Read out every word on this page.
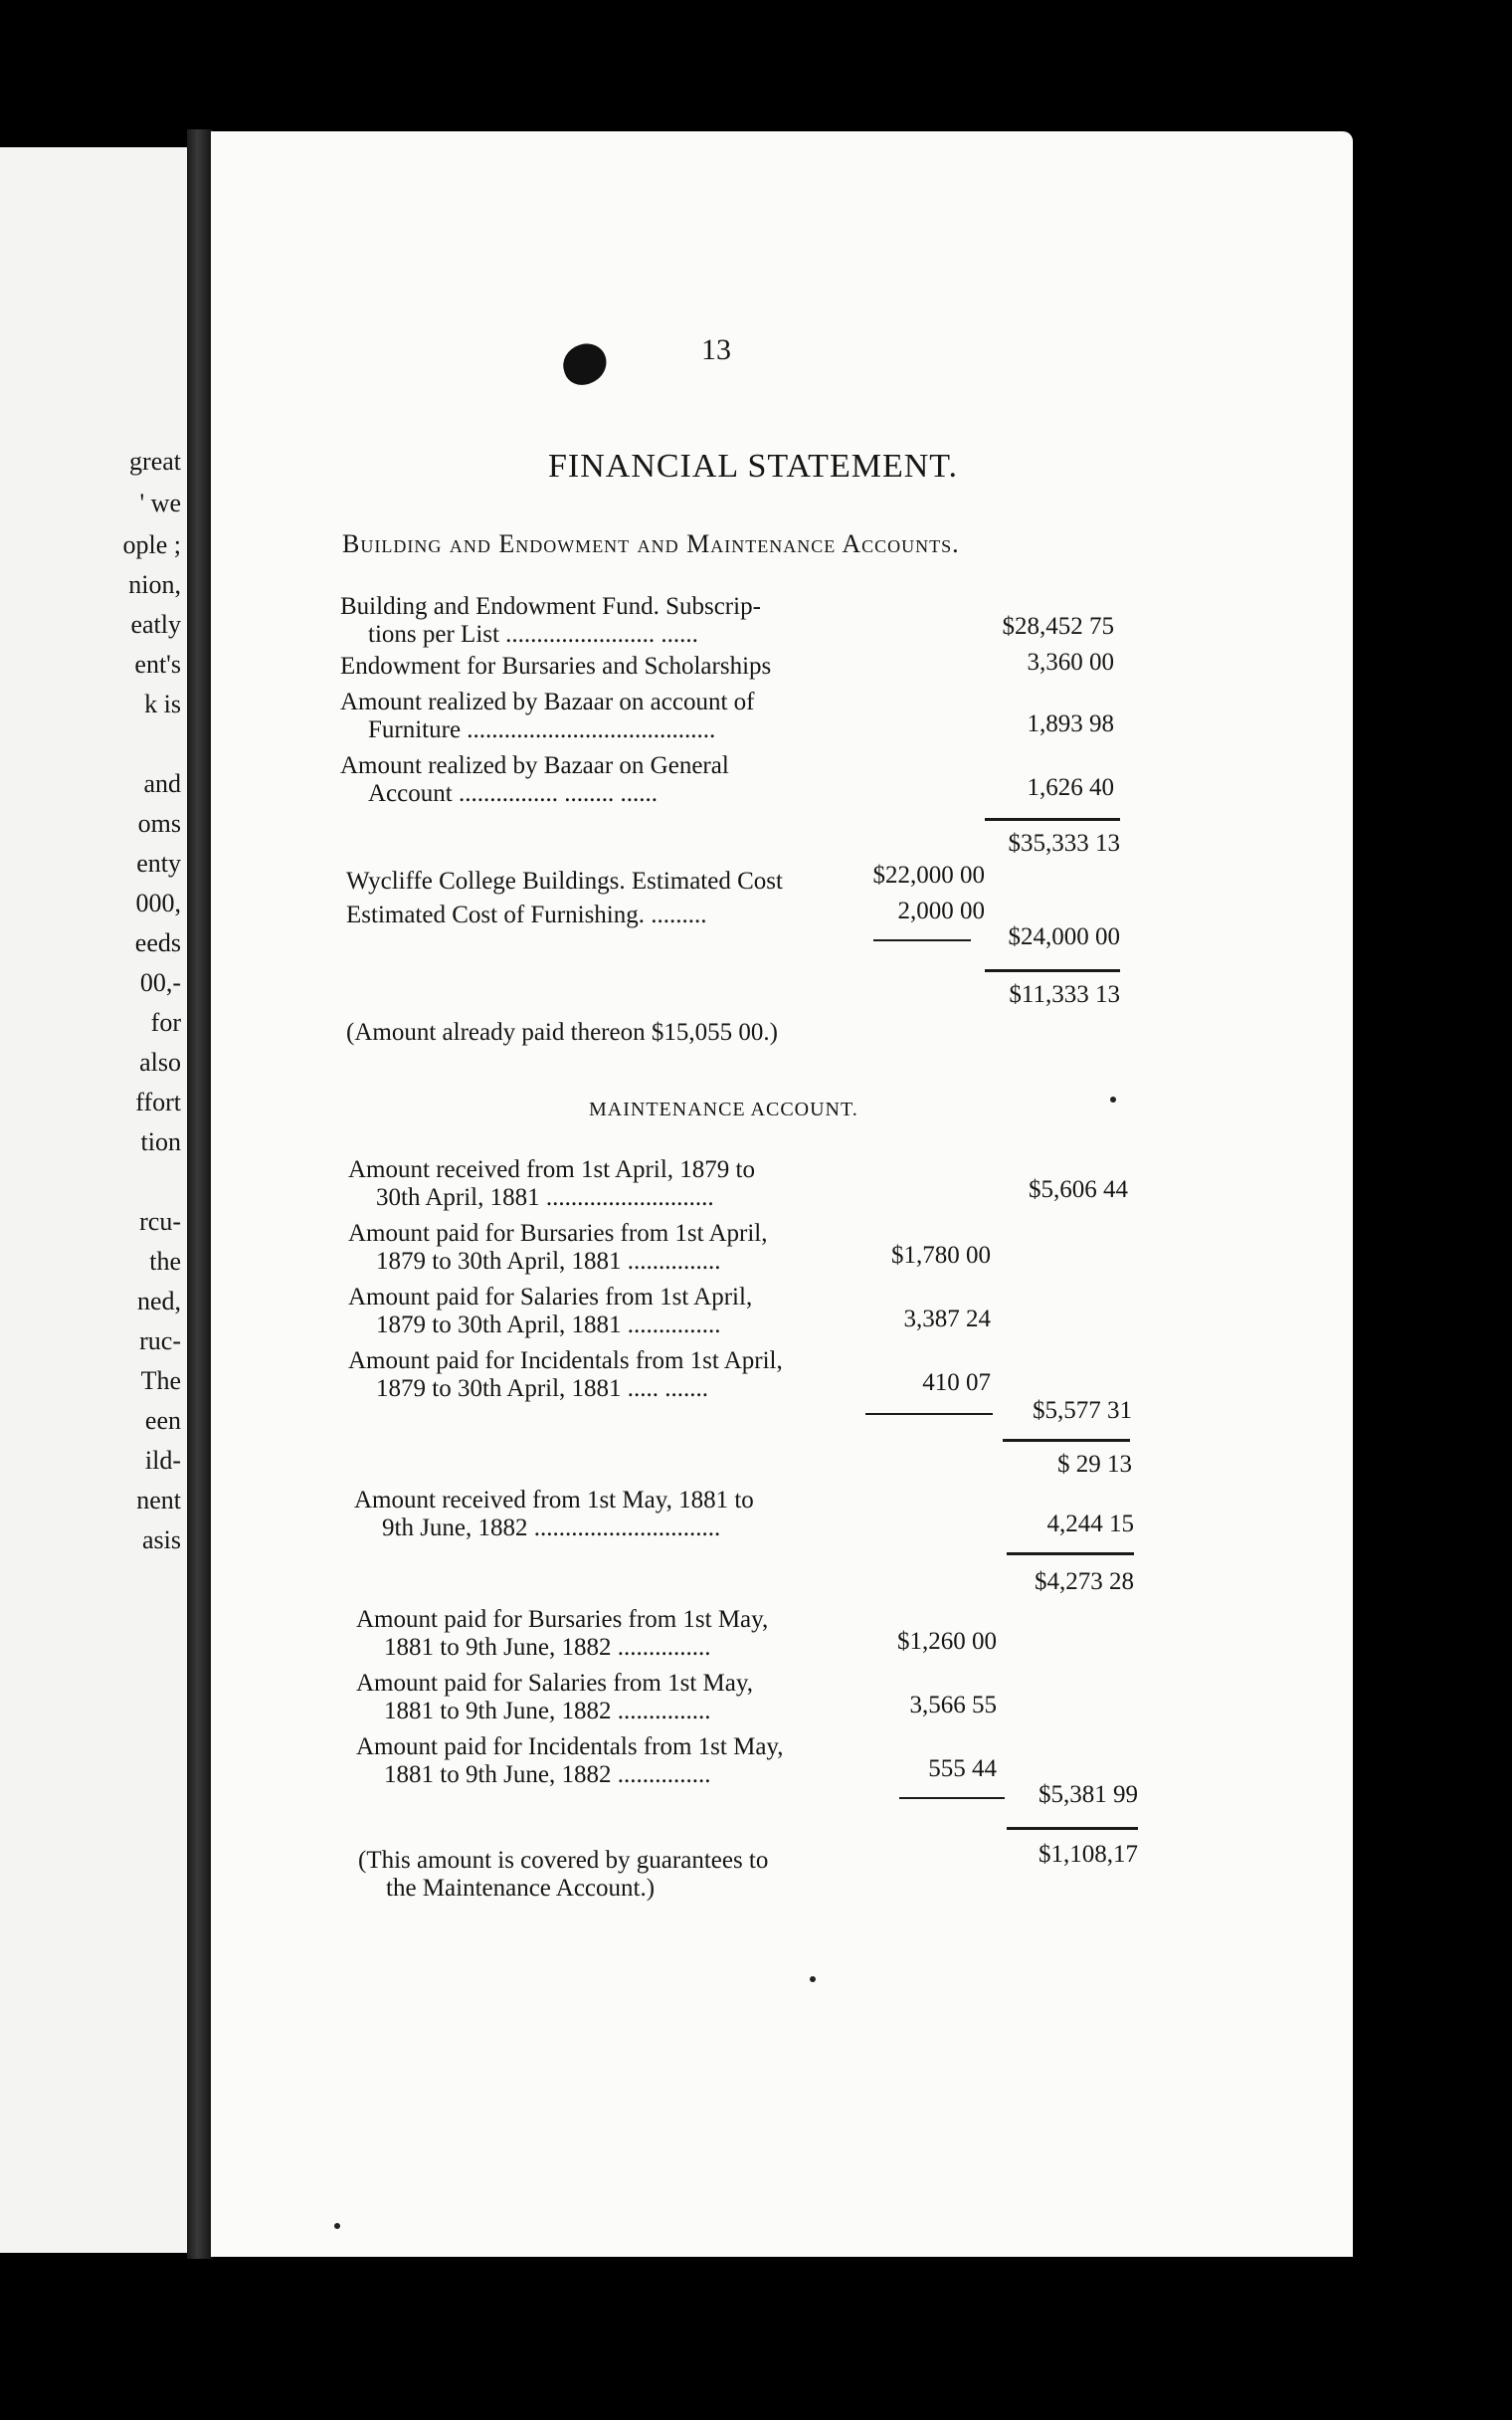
great
' we
ople ;
nion,
eatly
ent's
k is
and
oms
enty
000,
eeds
00,-
for
also
ffort
tion
rcu-
the
ned,
ruc-
The
een
ild-
nent
asis
13
FINANCIAL STATEMENT.
Building and Endowment and Maintenance Accounts.
Building and Endowment Fund. Subscrip-
tions per List ........................ ......	$28,452 75
Endowment for Bursaries and Scholarships	3,360 00
Amount realized by Bazaar on account of
Furniture ........................................	1,893 98
Amount realized by Bazaar on General
Account ................ ........ ......	1,626 40
$35,333 13
Wycliffe College Buildings. Estimated Cost	$22,000 00
Estimated Cost of Furnishing. .........	2,000 00
$24,000 00
$11,333 13
(Amount already paid thereon $15,055 00.)
MAINTENANCE ACCOUNT.
Amount received from 1st April, 1879 to
30th April, 1881 ...........................	$5,606 44
Amount paid for Bursaries from 1st April,
1879 to 30th April, 1881 ...............	$1,780 00
Amount paid for Salaries from 1st April,
1879 to 30th April, 1881 ...............	3,387 24
Amount paid for Incidentals from 1st April,
1879 to 30th April, 1881 ..... .......	410 07
$5,577 31
$ 29 13
Amount received from 1st May, 1881 to
9th June, 1882 ..............................	4,244 15
$4,273 28
Amount paid for Bursaries from 1st May,
1881 to 9th June, 1882 ...............	$1,260 00
Amount paid for Salaries from 1st May,
1881 to 9th June, 1882 ...............	3,566 55
Amount paid for Incidentals from 1st May,
1881 to 9th June, 1882 ...............	555 44
$5,381 99
$1,108,17
(This amount is covered by guarantees to
the Maintenance Account.)
